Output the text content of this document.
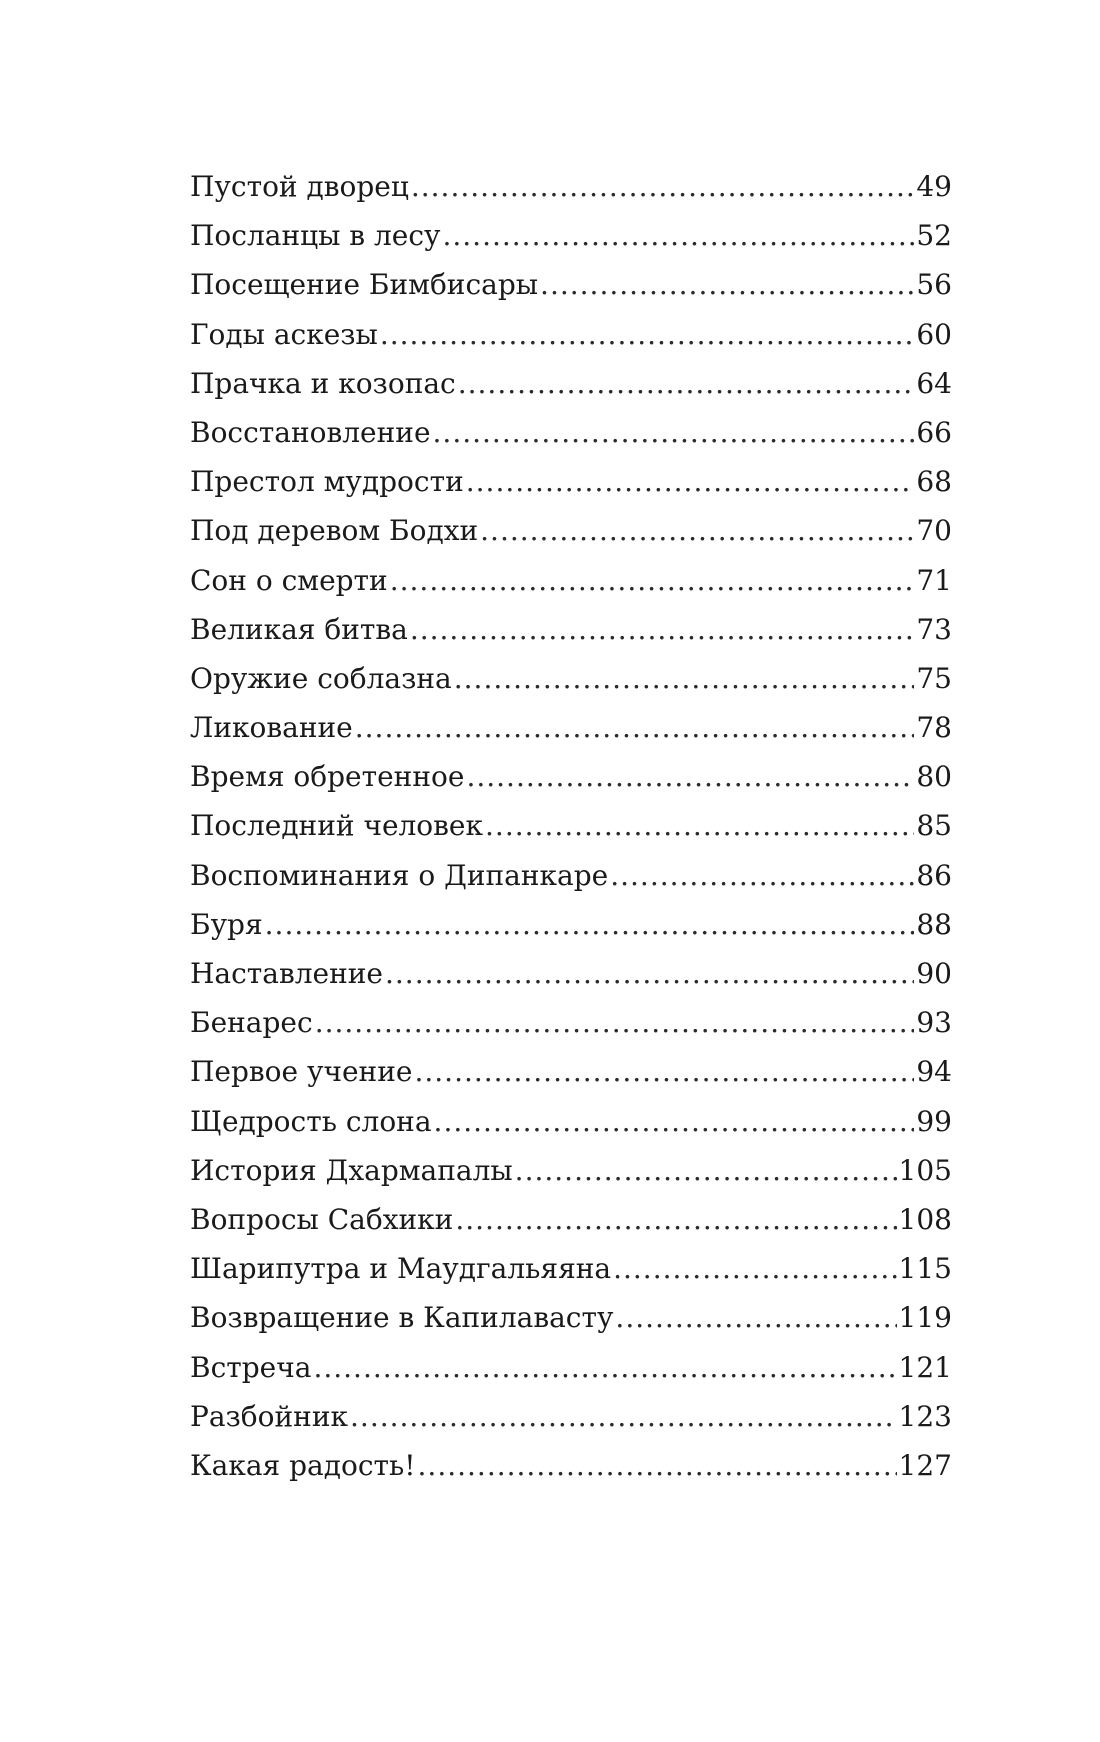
Пустой дворец .....	49
Посланцы в лесу .....	52
Посещение Бимбисары .....	56
Годы аскезы .....	60
Прачка и козопас .....	64
Восстановление .....	66
Престол мудрости .....	68
Под деревом Бодхи .....	70
Сон о смерти .....	71
Великая битва .....	73
Оружие соблазна .....	75
Ликование .....	78
Время обретенное .....	80
Последний человек .....	85
Воспоминания о Дипанкаре .....	86
Буря .....	88
Наставление .....	90
Бенарес .....	93
Первое учение .....	94
Щедрость слона .....	99
История Дхармапалы .....	105
Вопросы Сабхики .....	108
Шарипутра и Маудгальяяна .....	115
Возвращение в Капилавасту .....	119
Встреча .....	121
Разбойник .....	123
Какая радость! .....	127
